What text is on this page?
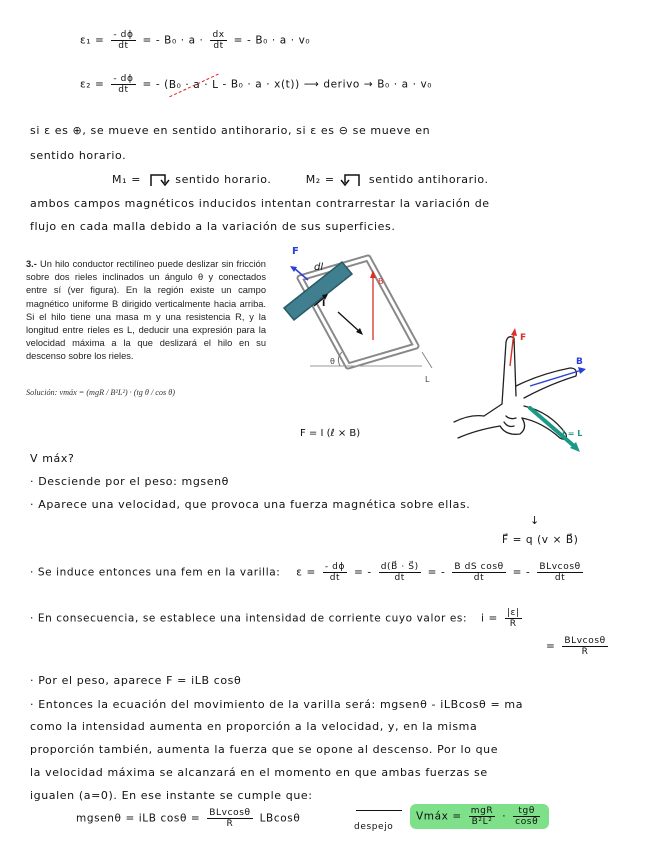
$\varepsilon_1 = \frac{- d\phi}{dt}$ = - $B_0 \cdot a \cdot \frac{dx}{dt}$ = - B₀ · a · v₀
$\varepsilon_2 = \frac{- d\phi}{dt}$ = - (B₀ · a · L - B₀ · a · x(t)) ⟶ derivo → B₀ · a · v₀
si ε es ⊕, se mueve en sentido antihorario, si ε es ⊖ se mueve en
sentido horario.
M₁ =	sentido horario.	M₂ =	sentido antihorario.
ambos campos magnéticos inducidos intentan contrarrestar la variación de
flujo en cada malla debido a la variación de sus superficies.
3.- Un hilo conductor rectilíneo puede deslizar sin fricción sobre dos rieles inclinados un ángulo θ y conectados entre sí (ver figura). En la región existe un campo magnético uniforme B dirigido verticalmente hacia arriba. Si el hilo tiene una masa m y una resistencia R, y la longitud entre rieles es L, deducir una expresión para la velocidad máxima a la que deslizará el hilo en su descenso sobre los rieles.
Solución: vmáx = (mgR / B²L²) · (tg θ / cos θ)
θ
L
F
dl
I
B
F = I (ℓ × B)
F
B
I = L
V máx?
· Desciende por el peso: mgsenθ
· Aparece una velocidad, que provoca una fuerza magnética sobre ellas.
↓
F⃗ = q (v × B⃗)
· Se induce entonces una fem en la varilla: $\varepsilon = \frac{- d\phi}{dt}$ = - $\frac{d(B⃗ \cdot S⃗)}{dt}$ = - $\frac{\text{B dS cosθ}}{dt}$ = - $\frac{\text{BLvcosθ}}{dt}$
· En consecuencia, se establece una intensidad de corriente cuyo valor es: $i = \frac{|\varepsilon|}{R}$
= $\frac{\text{BLvcosθ}}{R}$
· Por el peso, aparece F = iLB cosθ
· Entonces la ecuación del movimiento de la varilla será: mgsenθ - iLBcosθ = ma
como la intensidad aumenta en proporción a la velocidad, y, en la misma
proporción también, aumenta la fuerza que se opone al descenso. Por lo que
la velocidad máxima se alcanzará en el momento en que ambas fuerzas se
igualen (a=0). En ese instante se cumple que:
mgsenθ = iLB $\cos\theta = \frac{\text{BLvcosθ}}{R}$ LBcosθ
despejo
Vmáx = $\frac{\text{mgR}}{\text{B²L²}} \cdot \frac{\text{tgθ}}{\cos\theta}$
